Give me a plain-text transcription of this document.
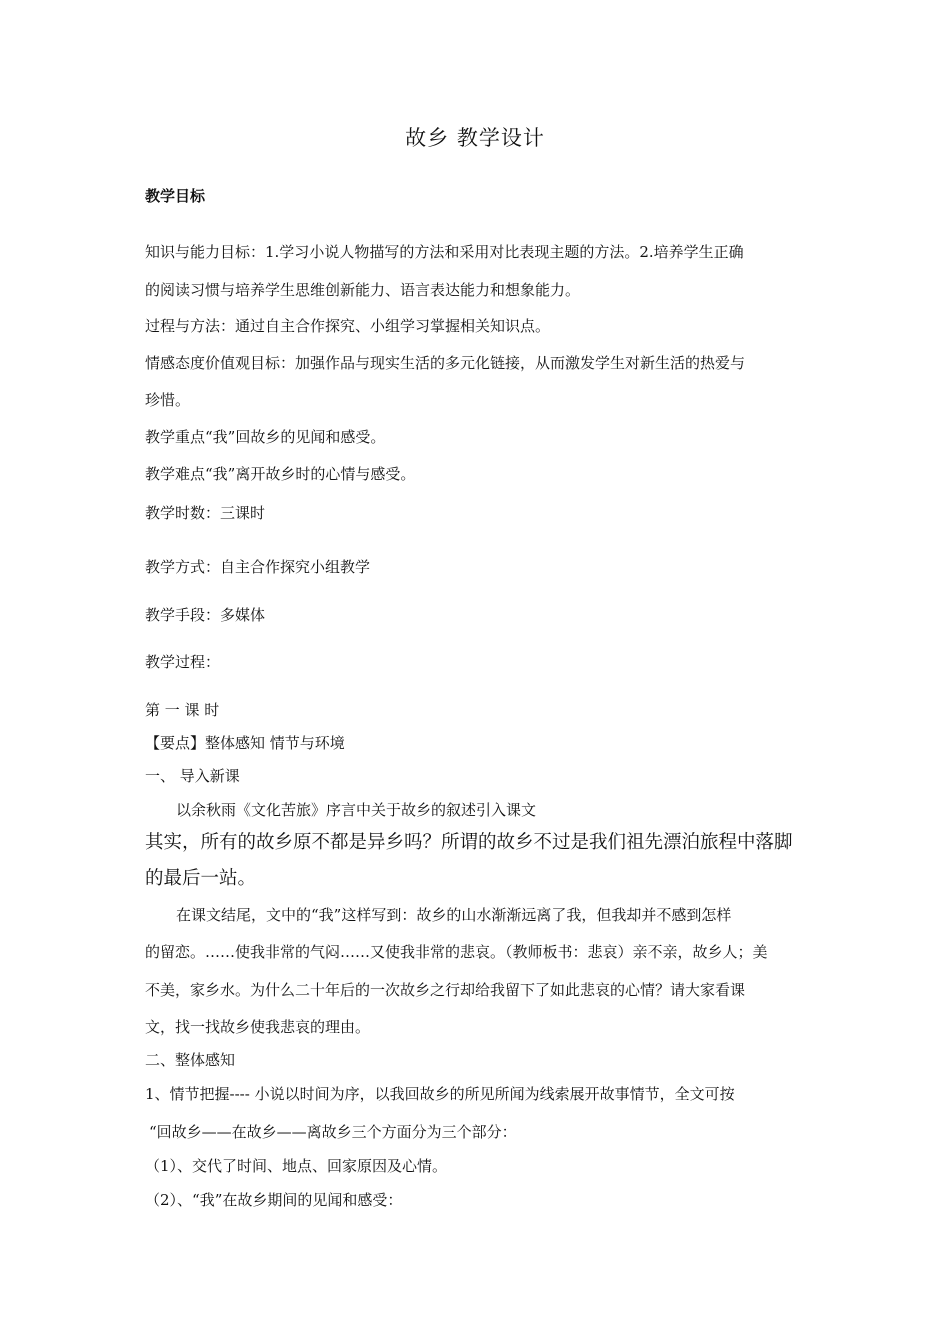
故乡 教学设计
教学目标
知识与能力目标：1.学习小说人物描写的方法和采用对比表现主题的方法。2.培养学生正确
的阅读习惯与培养学生思维创新能力、语言表达能力和想象能力。
过程与方法：通过自主合作探究、小组学习掌握相关知识点。
情感态度价值观目标：加强作品与现实生活的多元化链接，从而激发学生对新生活的热爱与
珍惜。
教学重点“我”回故乡的见闻和感受。
教学难点“我”离开故乡时的心情与感受。
教学时数：三课时
教学方式：自主合作探究小组教学
教学手段：多媒体
教学过程：
第 一 课 时
【要点】整体感知 情节与环境
一、 导入新课
以余秋雨《文化苦旅》序言中关于故乡的叙述引入课文
其实，所有的故乡原不都是异乡吗？所谓的故乡不过是我们祖先漂泊旅程中落脚
的最后一站。
在课文结尾，文中的“我”这样写到：故乡的山水渐渐远离了我，但我却并不感到怎样
的留恋。……使我非常的气闷……又使我非常的悲哀。（教师板书：悲哀）亲不亲，故乡人；美
不美，家乡水。为什么二十年后的一次故乡之行却给我留下了如此悲哀的心情？请大家看课
文，找一找故乡使我悲哀的理由。
二、整体感知
1、情节把握---- 小说以时间为序，以我回故乡的所见所闻为线索展开故事情节，全文可按
“回故乡——在故乡——离故乡三个方面分为三个部分：
（1）、交代了时间、地点、回家原因及心情。
（2）、“我”在故乡期间的见闻和感受：
